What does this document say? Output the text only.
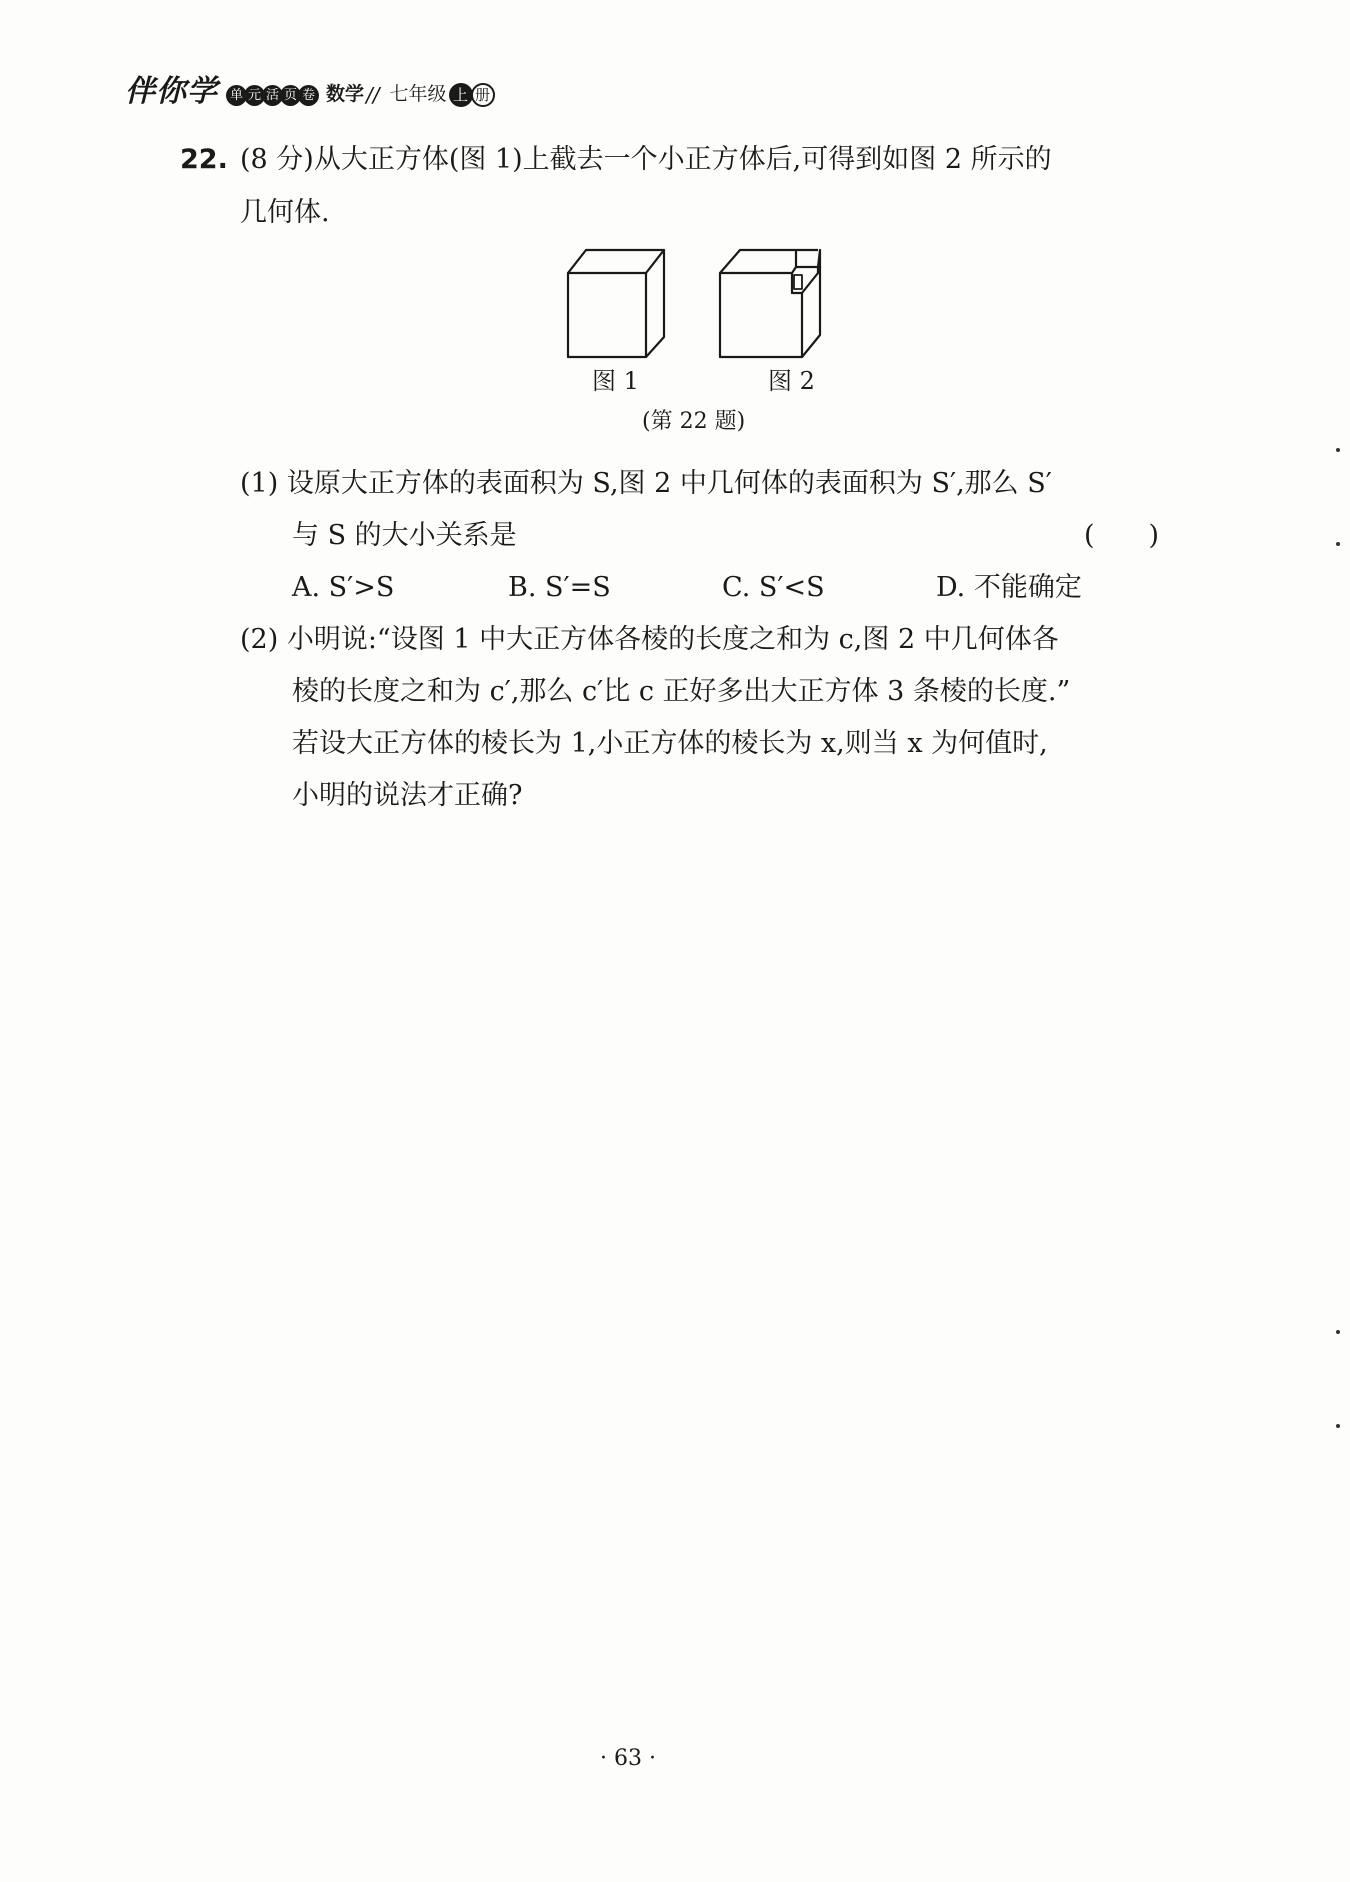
伴你学 单 元 活 页 卷 数学 // 七年级 上 册
22. (8 分)从大正方体(图 1)上截去一个小正方体后,可得到如图 2 所示的
几何体.
图 1	图 2
(第 22 题)
(1) 设原大正方体的表面积为 S,图 2 中几何体的表面积为 S′,那么 S′
与 S 的大小关系是	(　　)
A. S′>S	B. S′=S	C. S′<S	D. 不能确定
(2) 小明说:“设图 1 中大正方体各棱的长度之和为 c,图 2 中几何体各
棱的长度之和为 c′,那么 c′比 c 正好多出大正方体 3 条棱的长度.”
若设大正方体的棱长为 1,小正方体的棱长为 x,则当 x 为何值时,
小明的说法才正确?
· 63 ·
